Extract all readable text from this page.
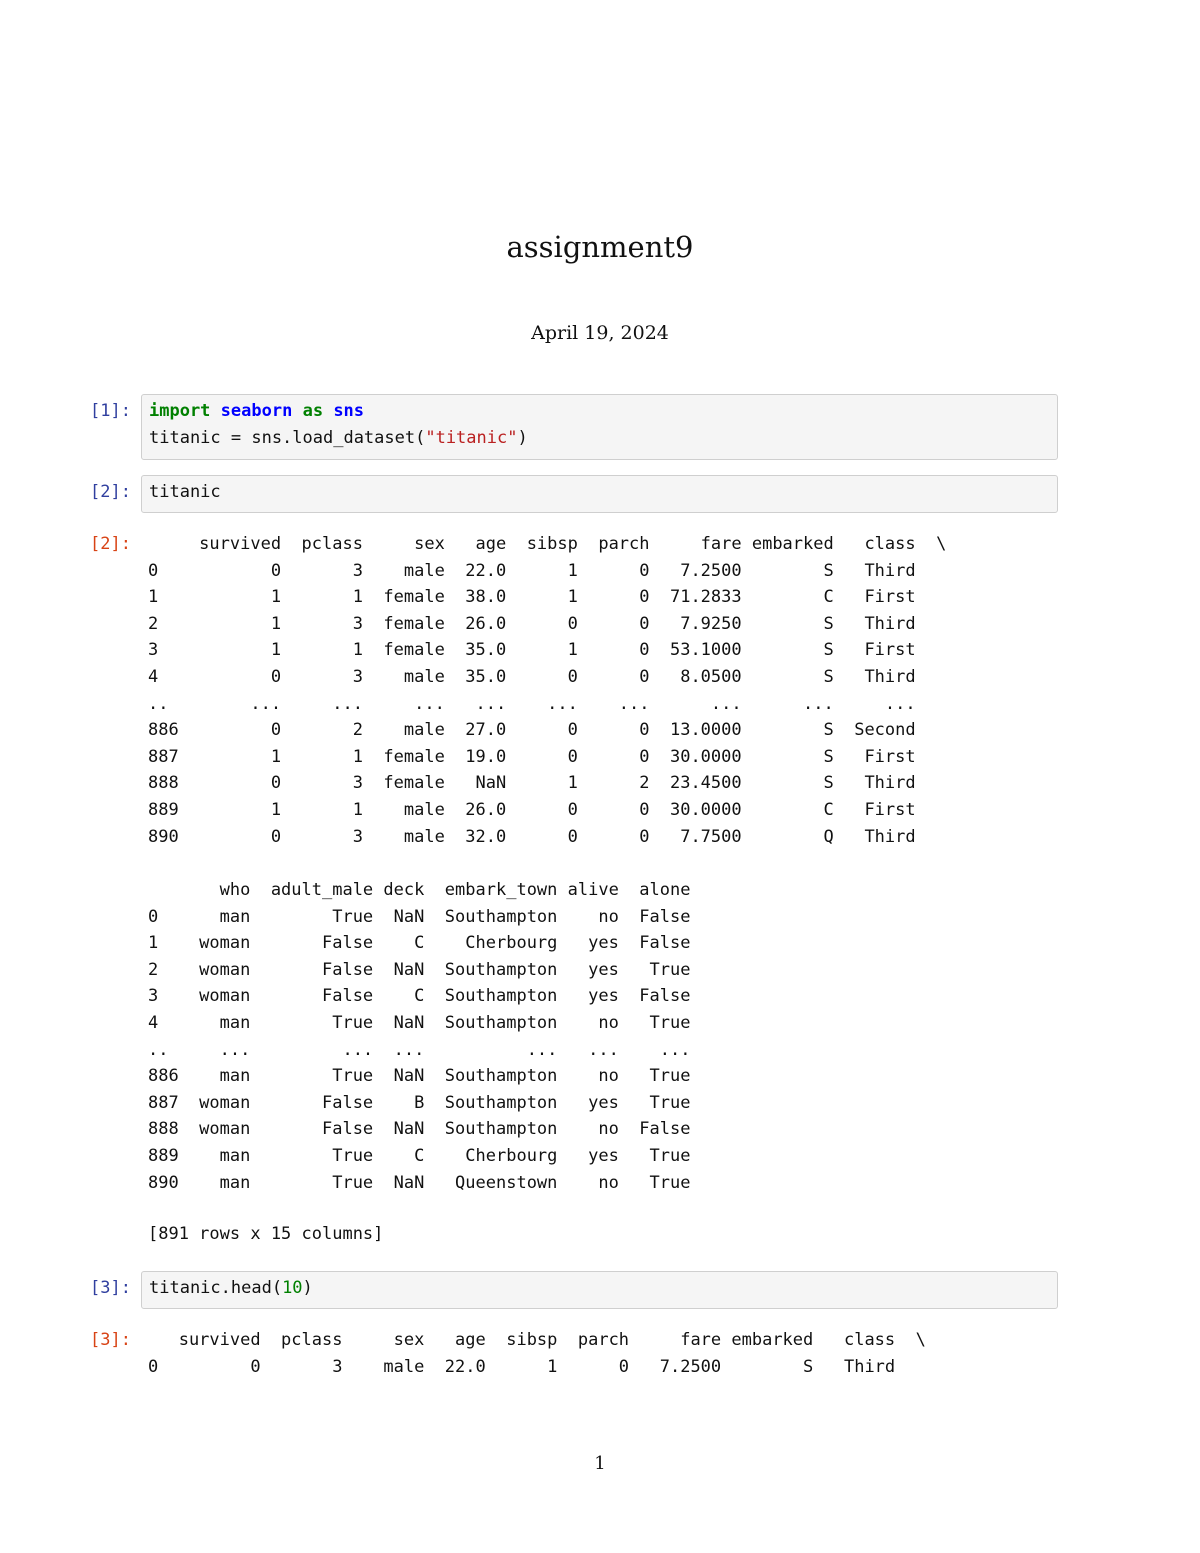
assignment9
April 19, 2024
[1]: import seaborn as sns
titanic = sns.load_dataset("titanic")
[2]: titanic
[2]:	survived  pclass     sex   age  sibsp  parch     fare embarked   class  \
0           0       3    male  22.0      1      0   7.2500        S   Third
1           1       1  female  38.0      1      0  71.2833        C   First
2           1       3  female  26.0      0      0   7.9250        S   Third
3           1       1  female  35.0      1      0  53.1000        S   First
4           0       3    male  35.0      0      0   8.0500        S   Third
..        ...     ...     ...   ...    ...    ...      ...      ...     ...
886         0       2    male  27.0      0      0  13.0000        S  Second
887         1       1  female  19.0      0      0  30.0000        S   First
888         0       3  female   NaN      1      2  23.4500        S   Third
889         1       1    male  26.0      0      0  30.0000        C   First
890         0       3    male  32.0      0      0   7.7500        Q   Third
who  adult_male deck  embark_town alive  alone
0      man        True  NaN  Southampton    no  False
1    woman       False    C    Cherbourg   yes  False
2    woman       False  NaN  Southampton   yes   True
3    woman       False    C  Southampton   yes  False
4      man        True  NaN  Southampton    no   True
..     ...         ...  ...          ...   ...    ...
886    man        True  NaN  Southampton    no   True
887  woman       False    B  Southampton   yes   True
888  woman       False  NaN  Southampton    no  False
889    man        True    C    Cherbourg   yes   True
890    man        True  NaN   Queenstown    no   True
[891 rows x 15 columns]
[3]: titanic.head(10)
[3]:	survived  pclass     sex   age  sibsp  parch     fare embarked   class  \
0         0       3    male  22.0      1      0   7.2500        S   Third
1
